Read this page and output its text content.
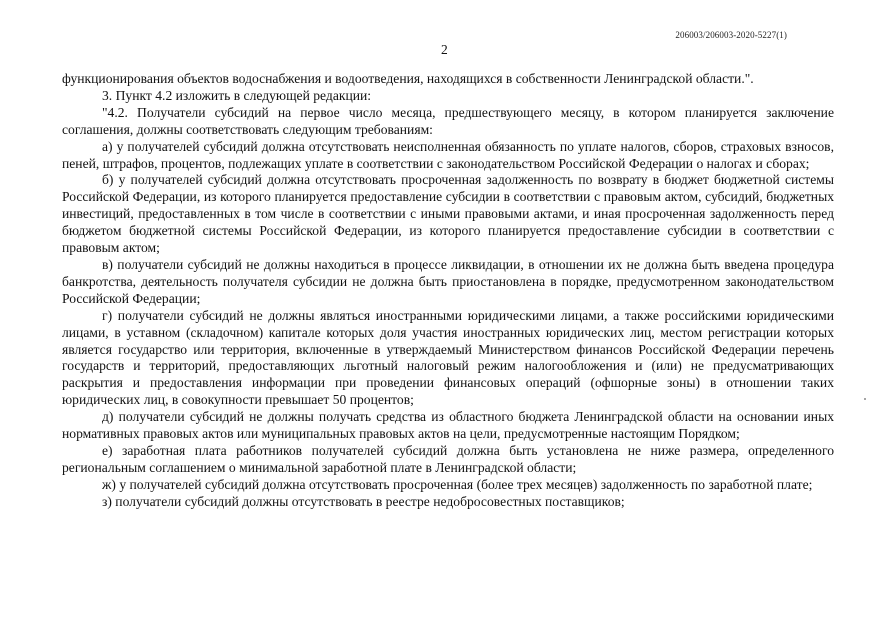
206003/206003-2020-5227(1)
2

функционирования объектов водоснабжения и водоотведения, находящихся в собственности Ленинградской области.".

3. Пункт 4.2 изложить в следующей редакции:

"4.2. Получатели субсидий на первое число месяца, предшествующего месяцу, в котором планируется заключение соглашения, должны соответствовать следующим требованиям:

а) у получателей субсидий должна отсутствовать неисполненная обязанность по уплате налогов, сборов, страховых взносов, пеней, штрафов, процентов, подлежащих уплате в соответствии с законодательством Российской Федерации о налогах и сборах;

б) у получателей субсидий должна отсутствовать просроченная задолженность по возврату в бюджет бюджетной системы Российской Федерации, из которого планируется предоставление субсидии в соответствии с правовым актом, субсидий, бюджетных инвестиций, предоставленных в том числе в соответствии с иными правовыми актами, и иная просроченная задолженность перед бюджетом бюджетной системы Российской Федерации, из которого планируется предоставление субсидии в соответствии с правовым актом;

в) получатели субсидий не должны находиться в процессе ликвидации, в отношении их не должна быть введена процедура банкротства, деятельность получателя субсидии не должна быть приостановлена в порядке, предусмотренном законодательством Российской Федерации;

г) получатели субсидий не должны являться иностранными юридическими лицами, а также российскими юридическими лицами, в уставном (складочном) капитале которых доля участия иностранных юридических лиц, местом регистрации которых является государство или территория, включенные в утверждаемый Министерством финансов Российской Федерации перечень государств и территорий, предоставляющих льготный налоговый режим налогообложения и (или) не предусматривающих раскрытия и предоставления информации при проведении финансовых операций (офшорные зоны) в отношении таких юридических лиц, в совокупности превышает 50 процентов;

д) получатели субсидий не должны получать средства из областного бюджета Ленинградской области на основании иных нормативных правовых актов или муниципальных правовых актов на цели, предусмотренные настоящим Порядком;

е) заработная плата работников получателей субсидий должна быть установлена не ниже размера, определенного региональным соглашением о минимальной заработной плате в Ленинградской области;

ж) у получателей субсидий должна отсутствовать просроченная (более трех месяцев) задолженность по заработной плате;

з) получатели субсидий должны отсутствовать в реестре недобросовестных поставщиков;
